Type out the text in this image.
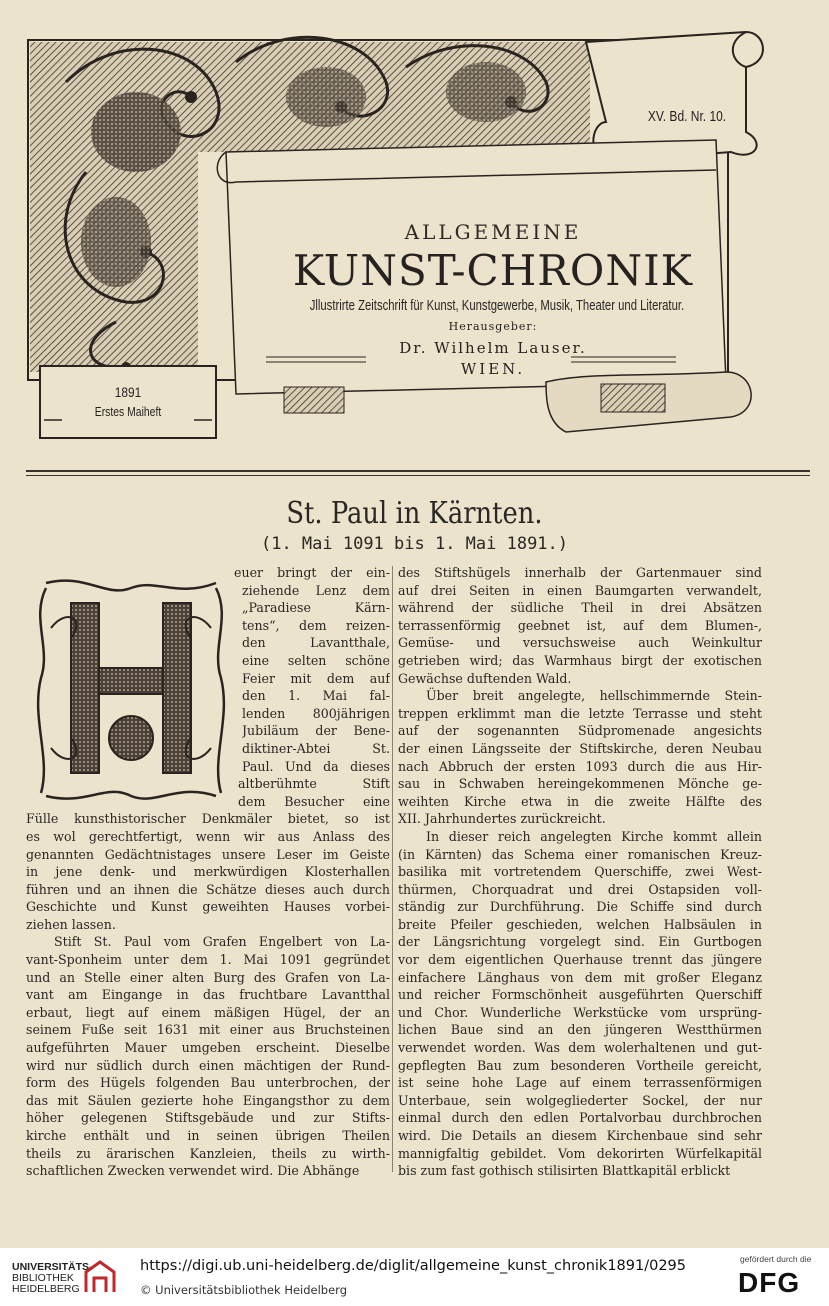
XV. Bd. Nr. 10.
ALLGEMEINE
KUNST-CHRONIK
Jllustrirte Zeitschrift für Kunst, Kunstgewerbe, Musik, Theater und Literatur.
Herausgeber:
Dr. Wilhelm Lauser.
WIEN.
1891
Erstes Maiheft
St. Paul in Kärnten.
(1. Mai 1091 bis 1. Mai 1891.)
euer bringt der ein-
ziehende Lenz dem
„Paradiese Kärn-
tens“, dem reizen-
den Lavantthale,
eine selten schöne
Feier mit dem auf
den 1. Mai fal-
lenden 800jährigen
Jubiläum der Bene-
diktiner-Abtei St.
Paul. Und da dieses
altberühmte Stift
dem Besucher eine
Fülle kunsthistorischer Denkmäler bietet, so ist
es wol gerechtfertigt, wenn wir aus Anlass des
genannten Gedächtnistages unsere Leser im Geiste
in jene denk- und merkwürdigen Klosterhallen
führen und an ihnen die Schätze dieses auch durch
Geschichte und Kunst geweihten Hauses vorbei-
ziehen lassen.
Stift St. Paul vom Grafen Engelbert von La-
vant-Sponheim unter dem 1. Mai 1091 gegründet
und an Stelle einer alten Burg des Grafen von La-
vant am Eingange in das fruchtbare Lavantthal
erbaut, liegt auf einem mäßigen Hügel, der an
seinem Fuße seit 1631 mit einer aus Bruchsteinen
aufgeführten Mauer umgeben erscheint. Dieselbe
wird nur südlich durch einen mächtigen der Rund-
form des Hügels folgenden Bau unterbrochen, der
das mit Säulen gezierte hohe Eingangsthor zu dem
höher gelegenen Stiftsgebäude und zur Stifts-
kirche enthält und in seinen übrigen Theilen
theils zu ärarischen Kanzleien, theils zu wirth-
schaftlichen Zwecken verwendet wird. Die Abhänge
des Stiftshügels innerhalb der Gartenmauer sind
auf drei Seiten in einen Baumgarten verwandelt,
während der südliche Theil in drei Absätzen
terrassenförmig geebnet ist, auf dem Blumen-,
Gemüse- und versuchsweise auch Weinkultur
getrieben wird; das Warmhaus birgt der exotischen
Gewächse duftenden Wald.
Über breit angelegte, hellschimmernde Stein-
treppen erklimmt man die letzte Terrasse und steht
auf der sogenannten Südpromenade angesichts
der einen Längsseite der Stiftskirche, deren Neubau
nach Abbruch der ersten 1093 durch die aus Hir-
sau in Schwaben hereingekommenen Mönche ge-
weihten Kirche etwa in die zweite Hälfte des
XII. Jahrhundertes zurückreicht.
In dieser reich angelegten Kirche kommt allein
(in Kärnten) das Schema einer romanischen Kreuz-
basilika mit vortretendem Querschiffe, zwei West-
thürmen, Chorquadrat und drei Ostapsiden voll-
ständig zur Durchführung. Die Schiffe sind durch
breite Pfeiler geschieden, welchen Halbsäulen in
der Längsrichtung vorgelegt sind. Ein Gurtbogen
vor dem eigentlichen Querhause trennt das jüngere
einfachere Länghaus von dem mit großer Eleganz
und reicher Formschönheit ausgeführten Querschiff
und Chor. Wunderliche Werkstücke vom ursprüng-
lichen Baue sind an den jüngeren Westthürmen
verwendet worden. Was dem wolerhaltenen und gut-
gepflegten Bau zum besonderen Vortheile gereicht,
ist seine hohe Lage auf einem terrassenförmigen
Unterbaue, sein wolgegliederter Sockel, der nur
einmal durch den edlen Portalvorbau durchbrochen
wird. Die Details an diesem Kirchenbaue sind sehr
mannigfaltig gebildet. Vom dekorirten Würfelkapitäl
bis zum fast gothisch stilisirten Blattkapitäl erblickt
UNIVERSITÄTS-
BIBLIOTHEK
HEIDELBERG
https://digi.ub.uni-heidelberg.de/diglit/allgemeine_kunst_chronik1891/0295
© Universitätsbibliothek Heidelberg
gefördert durch die
DFG
